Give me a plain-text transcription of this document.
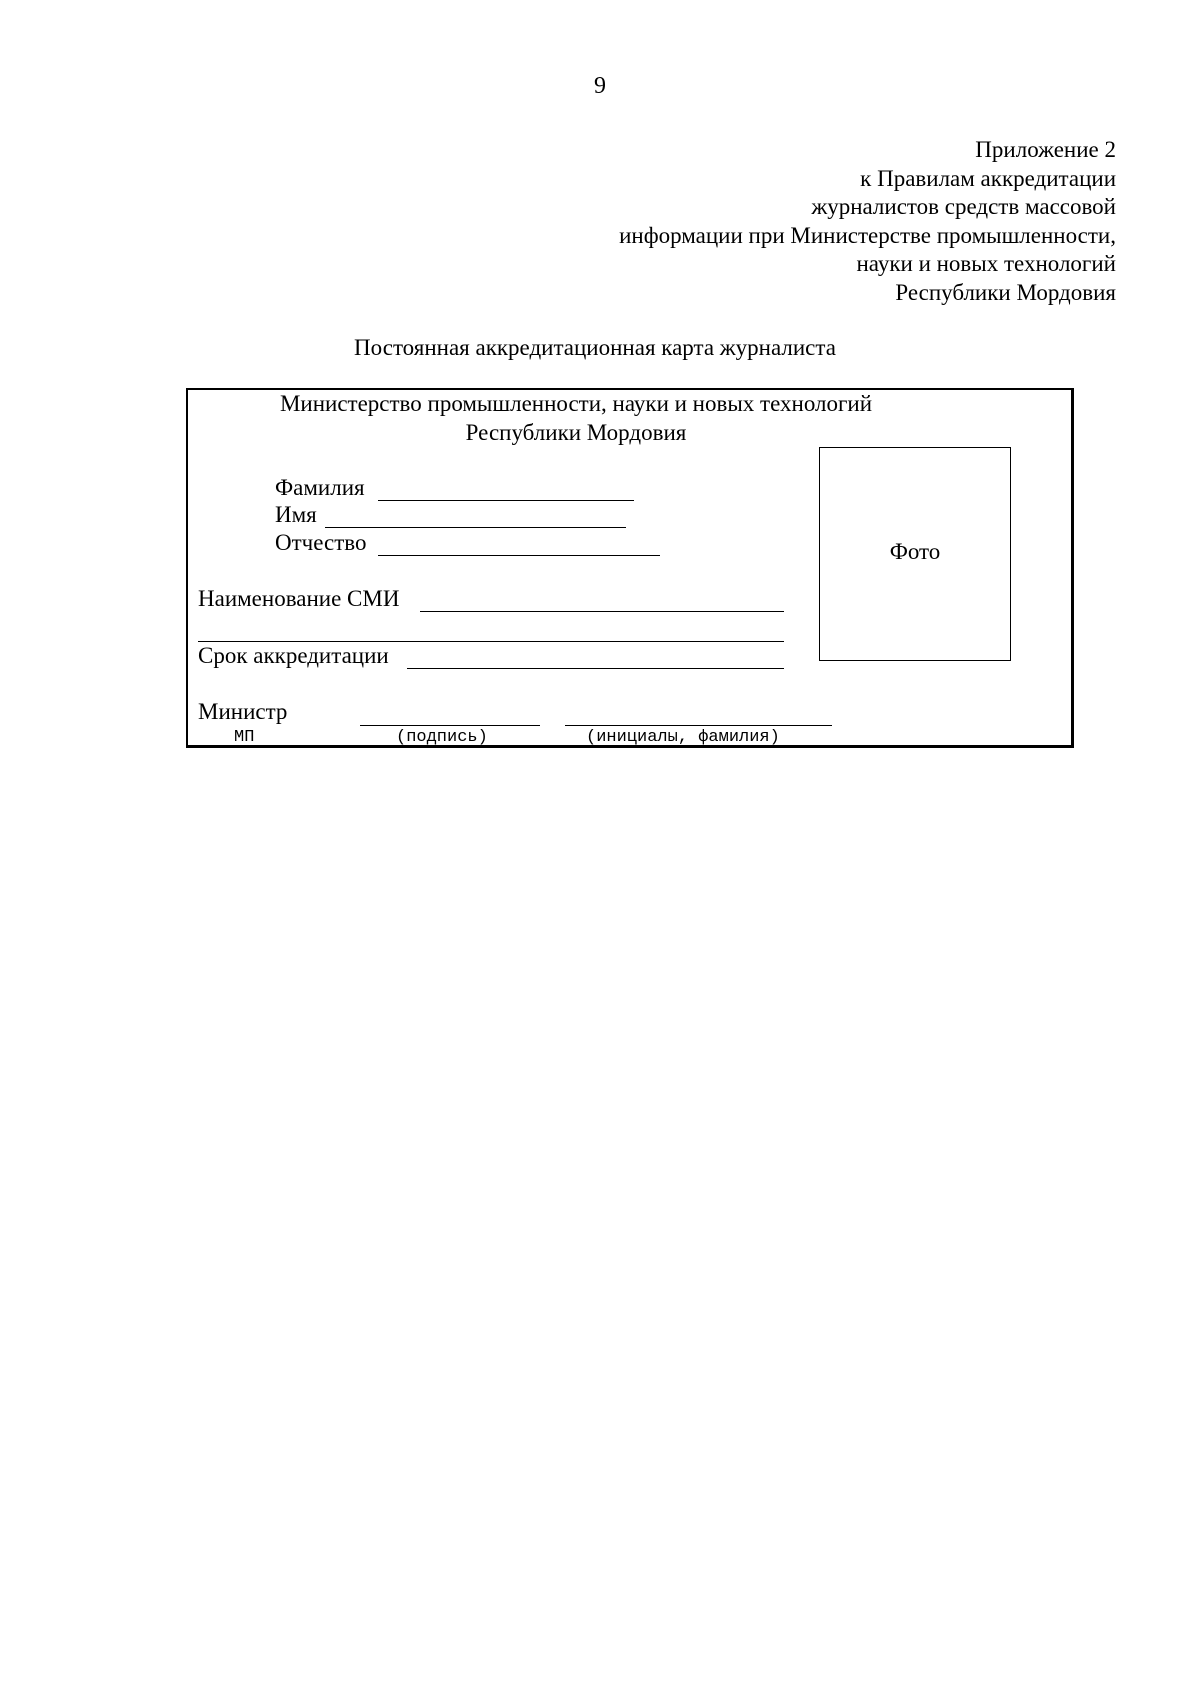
9
Приложение 2
к Правилам аккредитации
журналистов средств массовой
информации при Министерстве промышленности,
науки и новых технологий
Республики Мордовия
Постоянная аккредитационная карта журналиста
Министерство промышленности, науки и новых технологий
Республики Мордовия
Фото
Фамилия
Имя
Отчество
Наименование СМИ
Срок аккредитации
Министр
МП	(подпись)	(инициалы, фамилия)
